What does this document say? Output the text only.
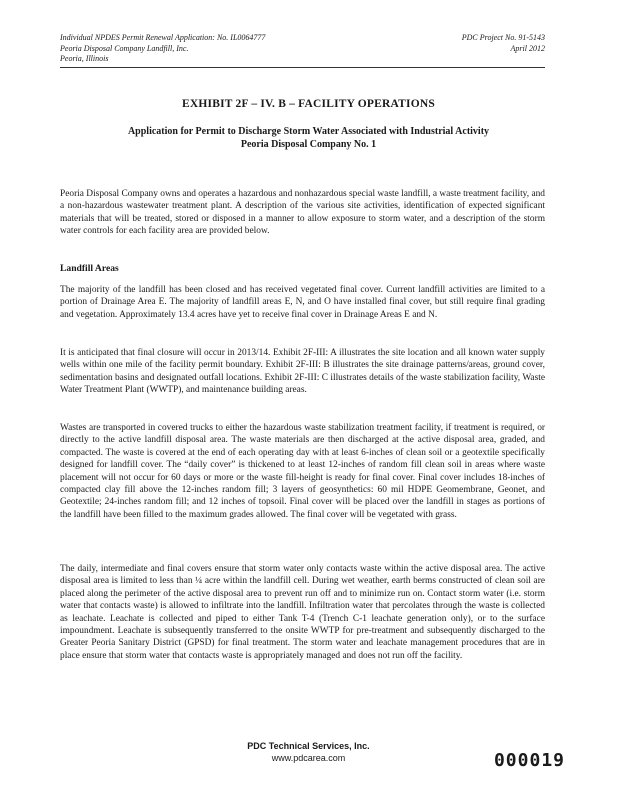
Individual NPDES Permit Renewal Application: No. IL0064777
Peoria Disposal Company Landfill, Inc.
Peoria, Illinois
PDC Project No. 91-5143
April 2012
EXHIBIT 2F – IV. B – FACILITY OPERATIONS
Application for Permit to Discharge Storm Water Associated with Industrial Activity
Peoria Disposal Company No. 1

Peoria Disposal Company owns and operates a hazardous and nonhazardous special waste landfill, a waste treatment facility, and a non-hazardous wastewater treatment plant. A description of the various site activities, identification of expected significant materials that will be treated, stored or disposed in a manner to allow exposure to storm water, and a description of the storm water controls for each facility area are provided below.

Landfill Areas

The majority of the landfill has been closed and has received vegetated final cover. Current landfill activities are limited to a portion of Drainage Area E. The majority of landfill areas E, N, and O have installed final cover, but still require final grading and vegetation. Approximately 13.4 acres have yet to receive final cover in Drainage Areas E and N.

It is anticipated that final closure will occur in 2013/14. Exhibit 2F-III: A illustrates the site location and all known water supply wells within one mile of the facility permit boundary. Exhibit 2F-III: B illustrates the site drainage patterns/areas, ground cover, sedimentation basins and designated outfall locations. Exhibit 2F-III: C illustrates details of the waste stabilization facility, Waste Water Treatment Plant (WWTP), and maintenance building areas.

Wastes are transported in covered trucks to either the hazardous waste stabilization treatment facility, if treatment is required, or directly to the active landfill disposal area. The waste materials are then discharged at the active disposal area, graded, and compacted. The waste is covered at the end of each operating day with at least 6-inches of clean soil or a geotextile specifically designed for landfill cover. The “daily cover” is thickened to at least 12-inches of random fill clean soil in areas where waste placement will not occur for 60 days or more or the waste fill-height is ready for final cover. Final cover includes 18-inches of compacted clay fill above the 12-inches random fill; 3 layers of geosynthetics: 60 mil HDPE Geomembrane, Geonet, and Geotextile; 24-inches random fill; and 12 inches of topsoil. Final cover will be placed over the landfill in stages as portions of the landfill have been filled to the maximum grades allowed. The final cover will be vegetated with grass.

The daily, intermediate and final covers ensure that storm water only contacts waste within the active disposal area. The active disposal area is limited to less than ¼ acre within the landfill cell. During wet weather, earth berms constructed of clean soil are placed along the perimeter of the active disposal area to prevent run off and to minimize run on. Contact storm water (i.e. storm water that contacts waste) is allowed to infiltrate into the landfill. Infiltration water that percolates through the waste is collected as leachate. Leachate is collected and piped to either Tank T-4 (Trench C-1 leachate generation only), or to the surface impoundment. Leachate is subsequently transferred to the onsite WWTP for pre-treatment and subsequently discharged to the Greater Peoria Sanitary District (GPSD) for final treatment. The storm water and leachate management procedures that are in place ensure that storm water that contacts waste is appropriately managed and does not run off the facility.

PDC Technical Services, Inc.
www.pdcarea.com	000019
